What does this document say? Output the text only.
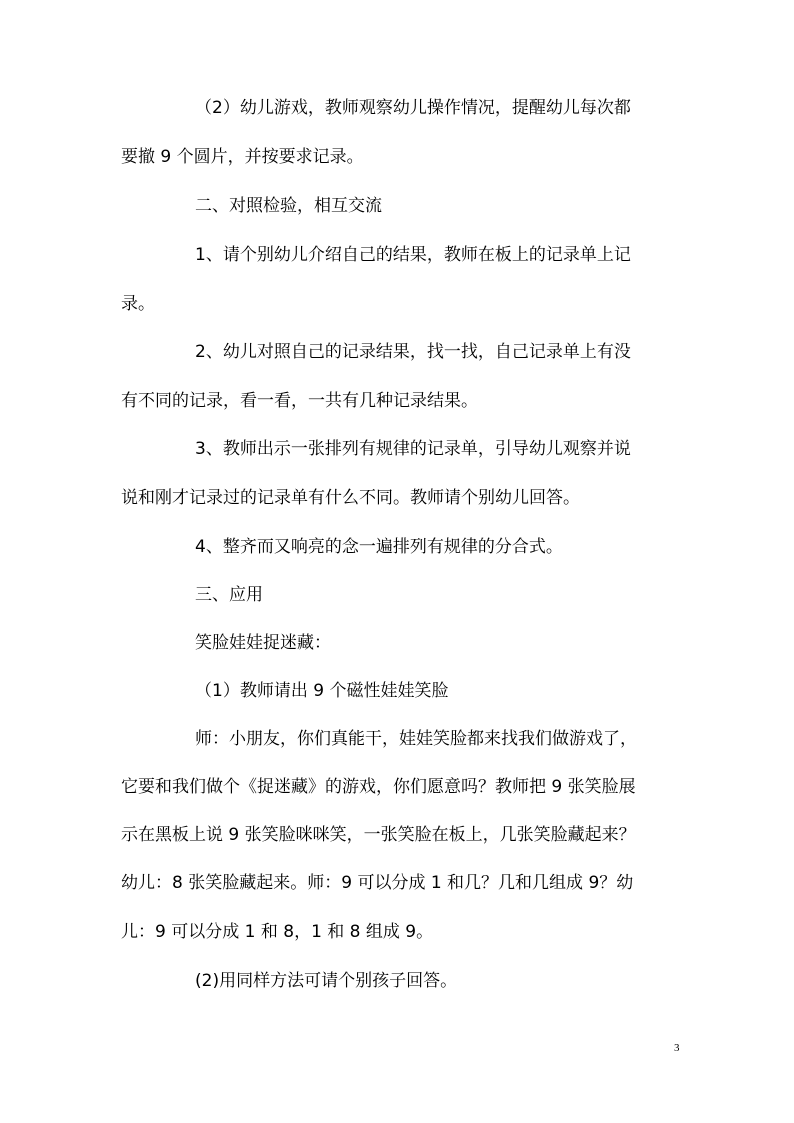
（2）幼儿游戏，教师观察幼儿操作情况，提醒幼儿每次都
要撤 9 个圆片，并按要求记录。
二、对照检验，相互交流
1、请个别幼儿介绍自己的结果，教师在板上的记录单上记
录。
2、幼儿对照自己的记录结果，找一找，自己记录单上有没
有不同的记录，看一看，一共有几种记录结果。
3、教师出示一张排列有规律的记录单，引导幼儿观察并说
说和刚才记录过的记录单有什么不同。教师请个别幼儿回答。
4、整齐而又响亮的念一遍排列有规律的分合式。
三、应用
笑脸娃娃捉迷藏：
（1）教师请出 9 个磁性娃娃笑脸
师：小朋友，你们真能干，娃娃笑脸都来找我们做游戏了，
它要和我们做个《捉迷藏》的游戏，你们愿意吗？教师把 9 张笑脸展
示在黑板上说 9 张笑脸咪咪笑，一张笑脸在板上，几张笑脸藏起来？
幼儿：8 张笑脸藏起来。师：9 可以分成 1 和几？几和几组成 9？幼
儿：9 可以分成 1 和 8，1 和 8 组成 9。
(2)用同样方法可请个别孩子回答。
3
